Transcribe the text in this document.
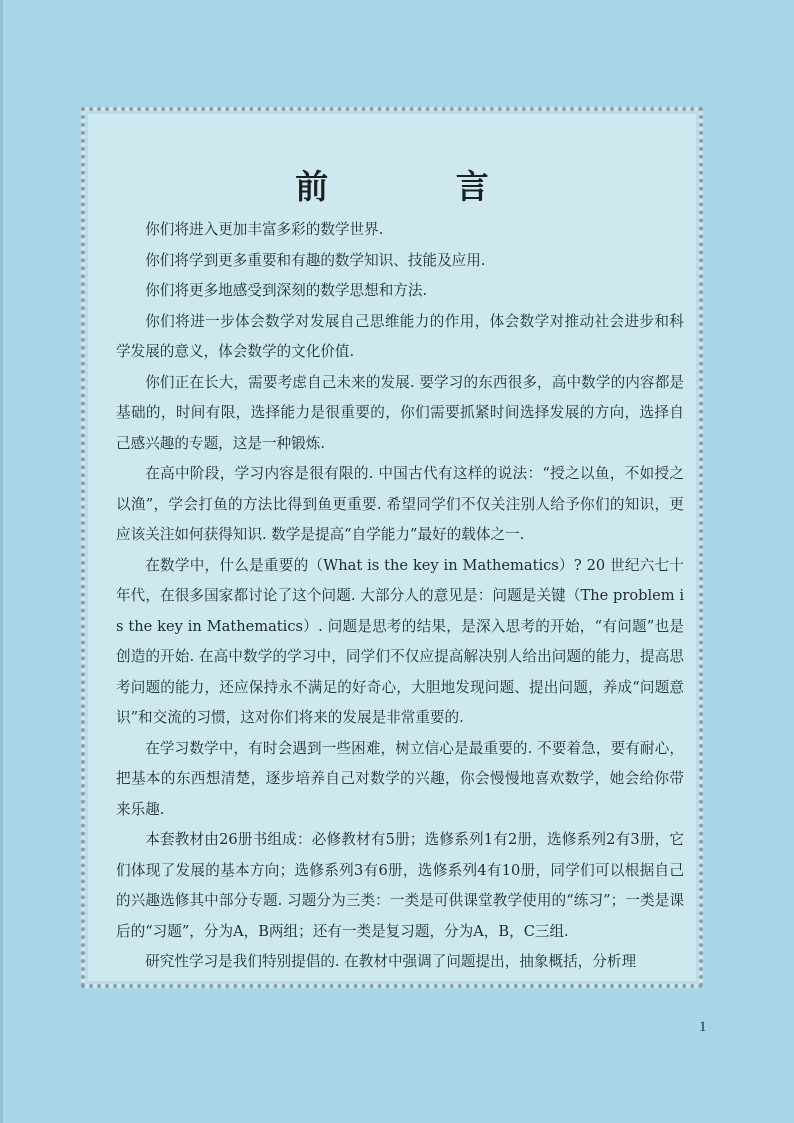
前 言

你们将进入更加丰富多彩的数学世界.

你们将学到更多重要和有趣的数学知识、技能及应用.

你们将更多地感受到深刻的数学思想和方法.

你们将进一步体会数学对发展自己思维能力的作用，体会数学对推动社会进步和科学发展的意义，体会数学的文化价值.

你们正在长大，需要考虑自己未来的发展. 要学习的东西很多，高中数学的内容都是基础的，时间有限，选择能力是很重要的，你们需要抓紧时间选择发展的方向，选择自己感兴趣的专题，这是一种锻炼.

在高中阶段，学习内容是很有限的. 中国古代有这样的说法：“授之以鱼，不如授之以渔”，学会打鱼的方法比得到鱼更重要. 希望同学们不仅关注别人给予你们的知识，更应该关注如何获得知识. 数学是提高“自学能力”最好的载体之一.

在数学中，什么是重要的（What is the key in Mathematics）? 20 世纪六七十年代，在很多国家都讨论了这个问题. 大部分人的意见是：问题是关键（The problem is the key in Mathematics）. 问题是思考的结果，是深入思考的开始，“有问题”也是创造的开始. 在高中数学的学习中，同学们不仅应提高解决别人给出问题的能力，提高思考问题的能力，还应保持永不满足的好奇心，大胆地发现问题、提出问题，养成“问题意识”和交流的习惯，这对你们将来的发展是非常重要的.

在学习数学中，有时会遇到一些困难，树立信心是最重要的. 不要着急，要有耐心，把基本的东西想清楚，逐步培养自己对数学的兴趣，你会慢慢地喜欢数学，她会给你带来乐趣.

本套教材由26册书组成：必修教材有5册；选修系列1有2册，选修系列2有3册，它们体现了发展的基本方向；选修系列3有6册，选修系列4有10册，同学们可以根据自己的兴趣选修其中部分专题. 习题分为三类：一类是可供课堂教学使用的“练习”；一类是课后的“习题”，分为A，B两组；还有一类是复习题，分为A，B，C三组.

研究性学习是我们特别提倡的. 在教材中强调了问题提出，抽象概括，分析理

1
